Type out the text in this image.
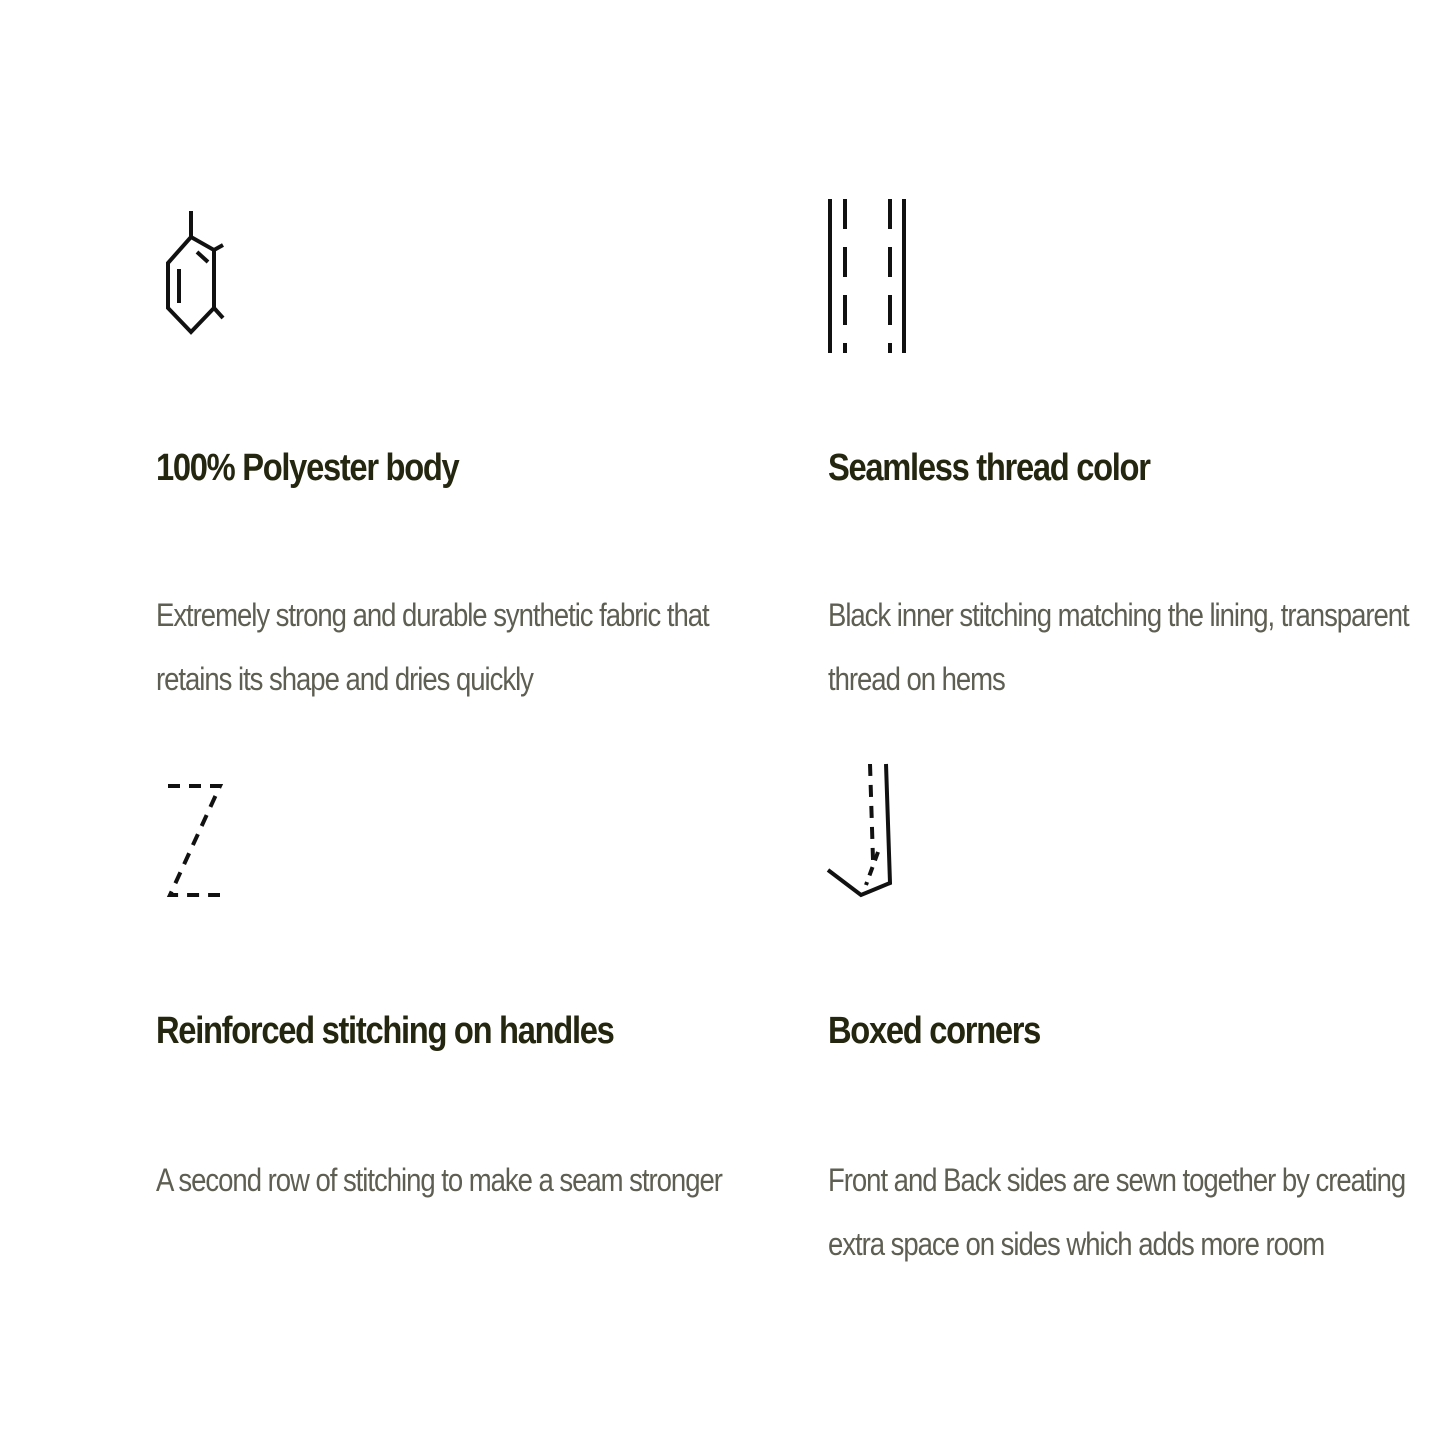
100% Polyester body
Extremely strong and durable synthetic fabric that retains its shape and dries quickly
Seamless thread color
Black inner stitching matching the lining, transparent thread on hems
Reinforced stitching on handles
A second row of stitching to make a seam stronger
Boxed corners
Front and Back sides are sewn together by creating extra space on sides which adds more room
